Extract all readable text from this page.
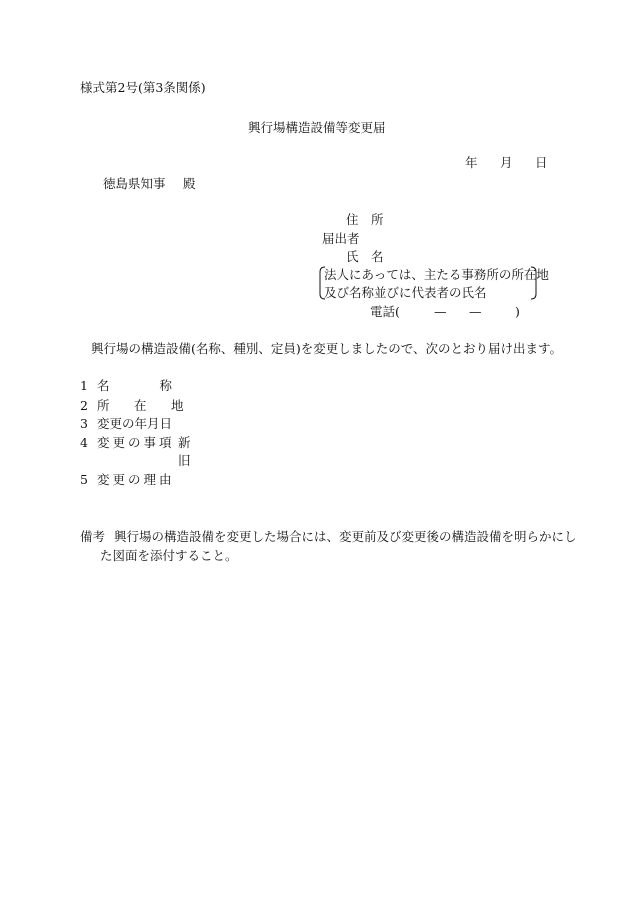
様式第2号(第3条関係)
興行場構造設備等変更届
年 月 日
徳島県知事 殿
住　所
届出者
氏　名
法人にあっては、主たる事務所の所在地
及び名称並びに代表者の氏名
電話(	— —	)
興行場の構造設備(名称、種別、定員)を変更しましたので、次のとおり届け出ます。
1 名　　　　称
2 所　在　地
3 変更の年月日
4 変更の事項 新
旧
5 変更の理由
備考 興行場の構造設備を変更した場合には、変更前及び変更後の構造設備を明らかにし
た図面を添付すること。
